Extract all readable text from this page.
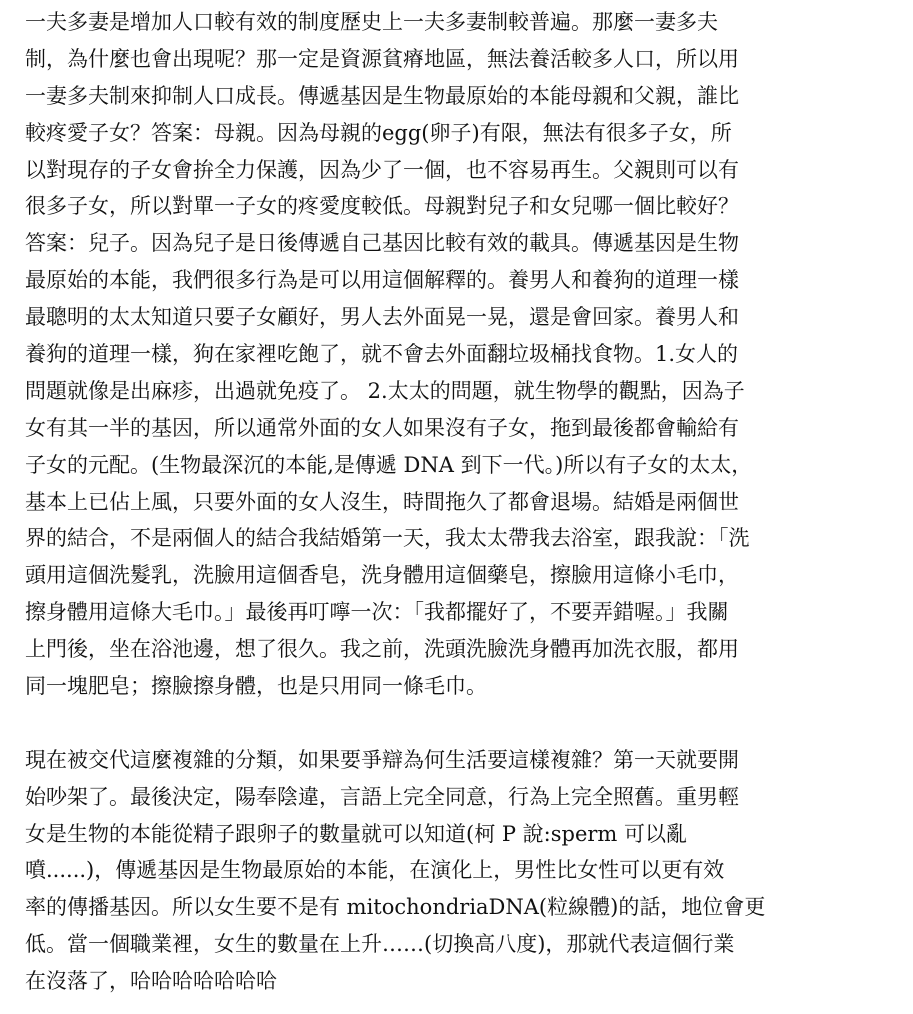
一夫多妻是增加人口較有效的制度歷史上一夫多妻制較普遍。那麼一妻多夫
制，為什麼也會出現呢？那一定是資源貧瘠地區，無法養活較多人口，所以用
一妻多夫制來抑制人口成長。傳遞基因是生物最原始的本能母親和父親，誰比
較疼愛子女？答案：母親。因為母親的egg(卵子)有限，無法有很多子女，所
以對現存的子女會拚全力保護，因為少了一個，也不容易再生。父親則可以有
很多子女，所以對單一子女的疼愛度較低。母親對兒子和女兒哪一個比較好？
答案：兒子。因為兒子是日後傳遞自己基因比較有效的載具。傳遞基因是生物
最原始的本能，我們很多行為是可以用這個解釋的。養男人和養狗的道理一樣
最聰明的太太知道只要子女顧好，男人去外面晃一晃，還是會回家。養男人和
養狗的道理一樣，狗在家裡吃飽了，就不會去外面翻垃圾桶找食物。1.女人的
問題就像是出麻疹，出過就免疫了。 2.太太的問題，就生物學的觀點，因為子
女有其一半的基因，所以通常外面的女人如果沒有子女，拖到最後都會輸給有
子女的元配。(生物最深沉的本能,是傳遞 DNA 到下一代。)所以有子女的太太，
基本上已佔上風，只要外面的女人沒生，時間拖久了都會退場。結婚是兩個世
界的結合，不是兩個人的結合我結婚第一天，我太太帶我去浴室，跟我說：「洗
頭用這個洗髮乳，洗臉用這個香皂，洗身體用這個藥皂，擦臉用這條小毛巾，
擦身體用這條大毛巾。」最後再叮嚀一次：「我都擺好了，不要弄錯喔。」我關
上門後，坐在浴池邊，想了很久。我之前，洗頭洗臉洗身體再加洗衣服，都用
同一塊肥皂；擦臉擦身體，也是只用同一條毛巾。
現在被交代這麼複雜的分類，如果要爭辯為何生活要這樣複雜？第一天就要開
始吵架了。最後決定，陽奉陰違，言語上完全同意，行為上完全照舊。重男輕
女是生物的本能從精子跟卵子的數量就可以知道(柯 P 說:sperm 可以亂
噴......)，傳遞基因是生物最原始的本能，在演化上，男性比女性可以更有效
率的傳播基因。所以女生要不是有 mitochondriaDNA(粒線體)的話，地位會更
低。當一個職業裡，女生的數量在上升……(切換高八度)，那就代表這個行業
在沒落了，哈哈哈哈哈哈哈
